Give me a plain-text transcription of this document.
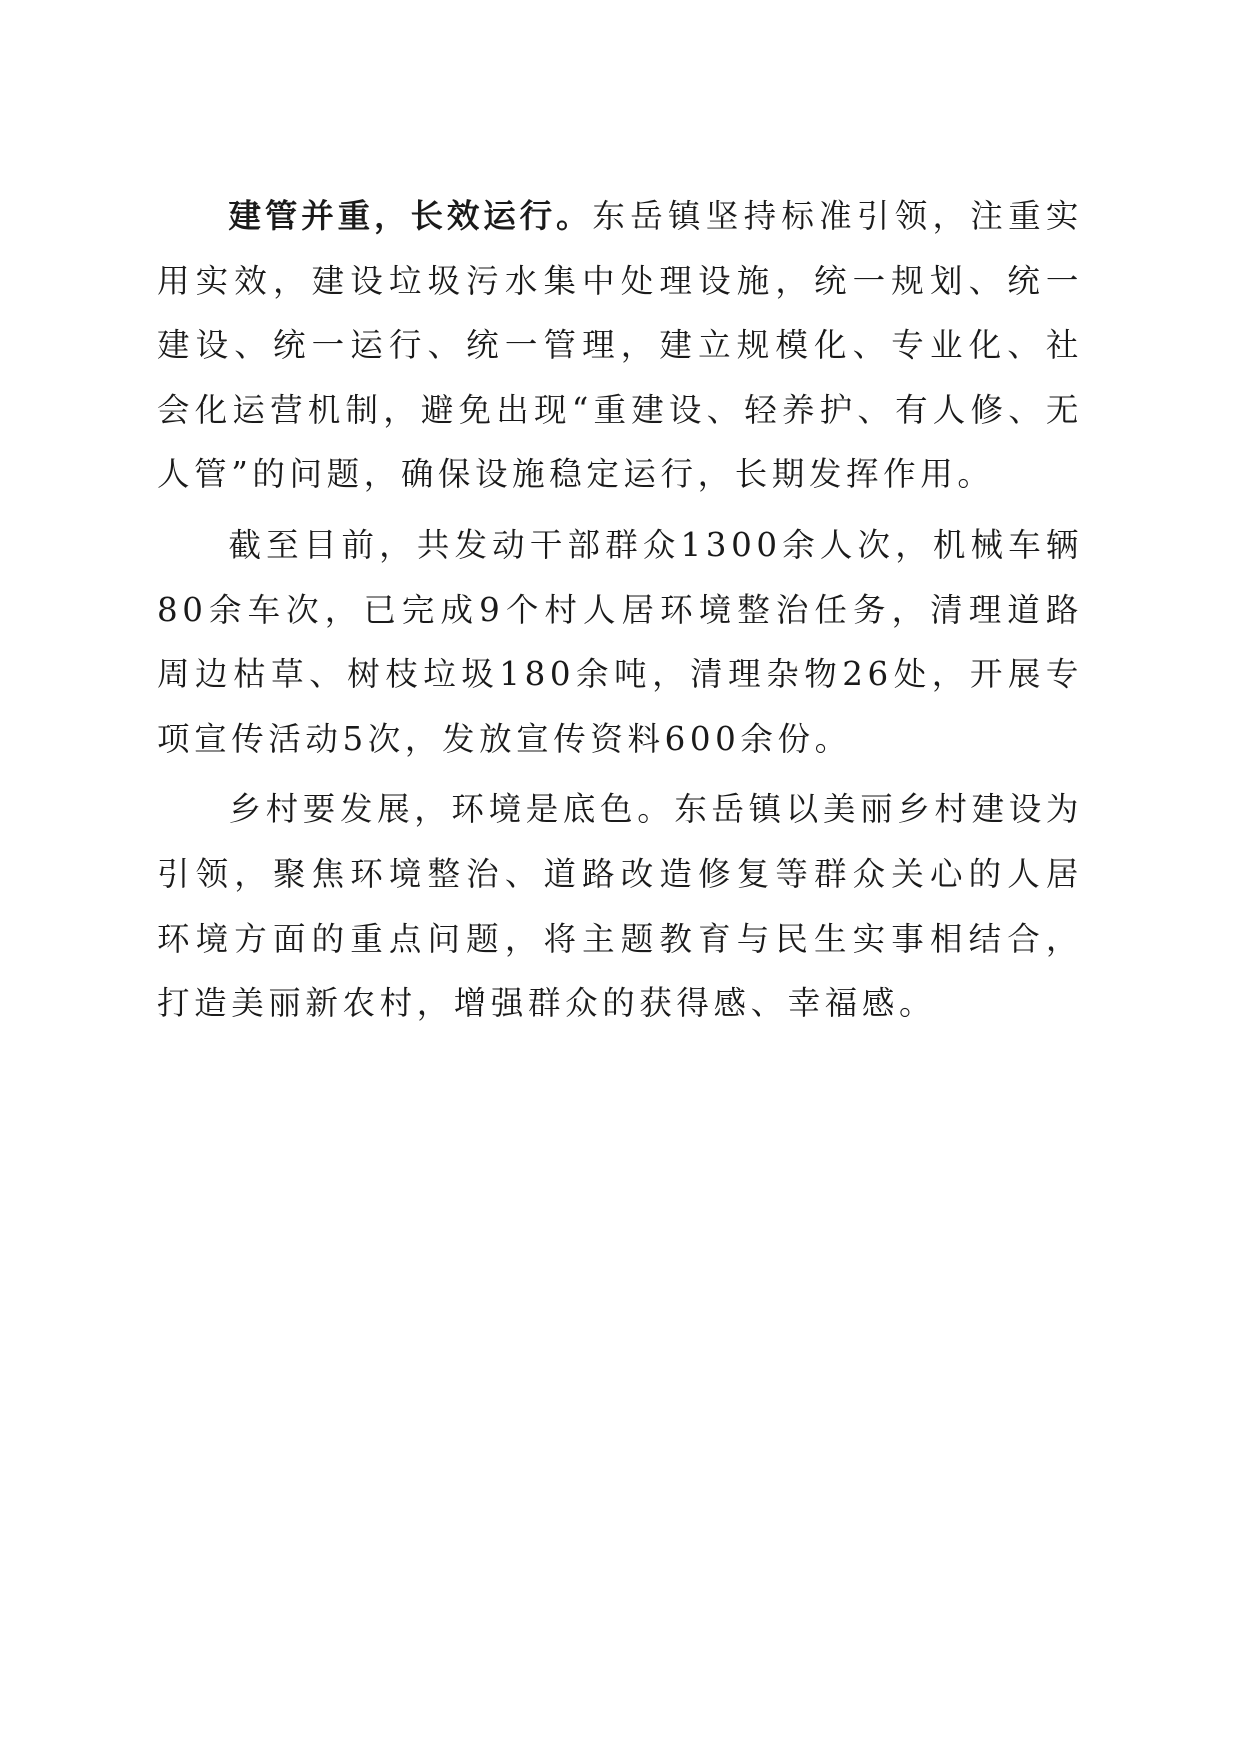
建管并重，长效运行。东岳镇坚持标准引领，注重实用实效，建设垃圾污水集中处理设施，统一规划、统一建设、统一运行、统一管理，建立规模化、专业化、社会化运营机制，避免出现“重建设、轻养护、有人修、无人管”的问题，确保设施稳定运行，长期发挥作用。

截至目前，共发动干部群众1300余人次，机械车辆80余车次，已完成9个村人居环境整治任务，清理道路周边枯草、树枝垃圾180余吨，清理杂物26处，开展专项宣传活动5次，发放宣传资料600余份。

乡村要发展，环境是底色。东岳镇以美丽乡村建设为引领，聚焦环境整治、道路改造修复等群众关心的人居环境方面的重点问题，将主题教育与民生实事相结合，打造美丽新农村，增强群众的获得感、幸福感。
